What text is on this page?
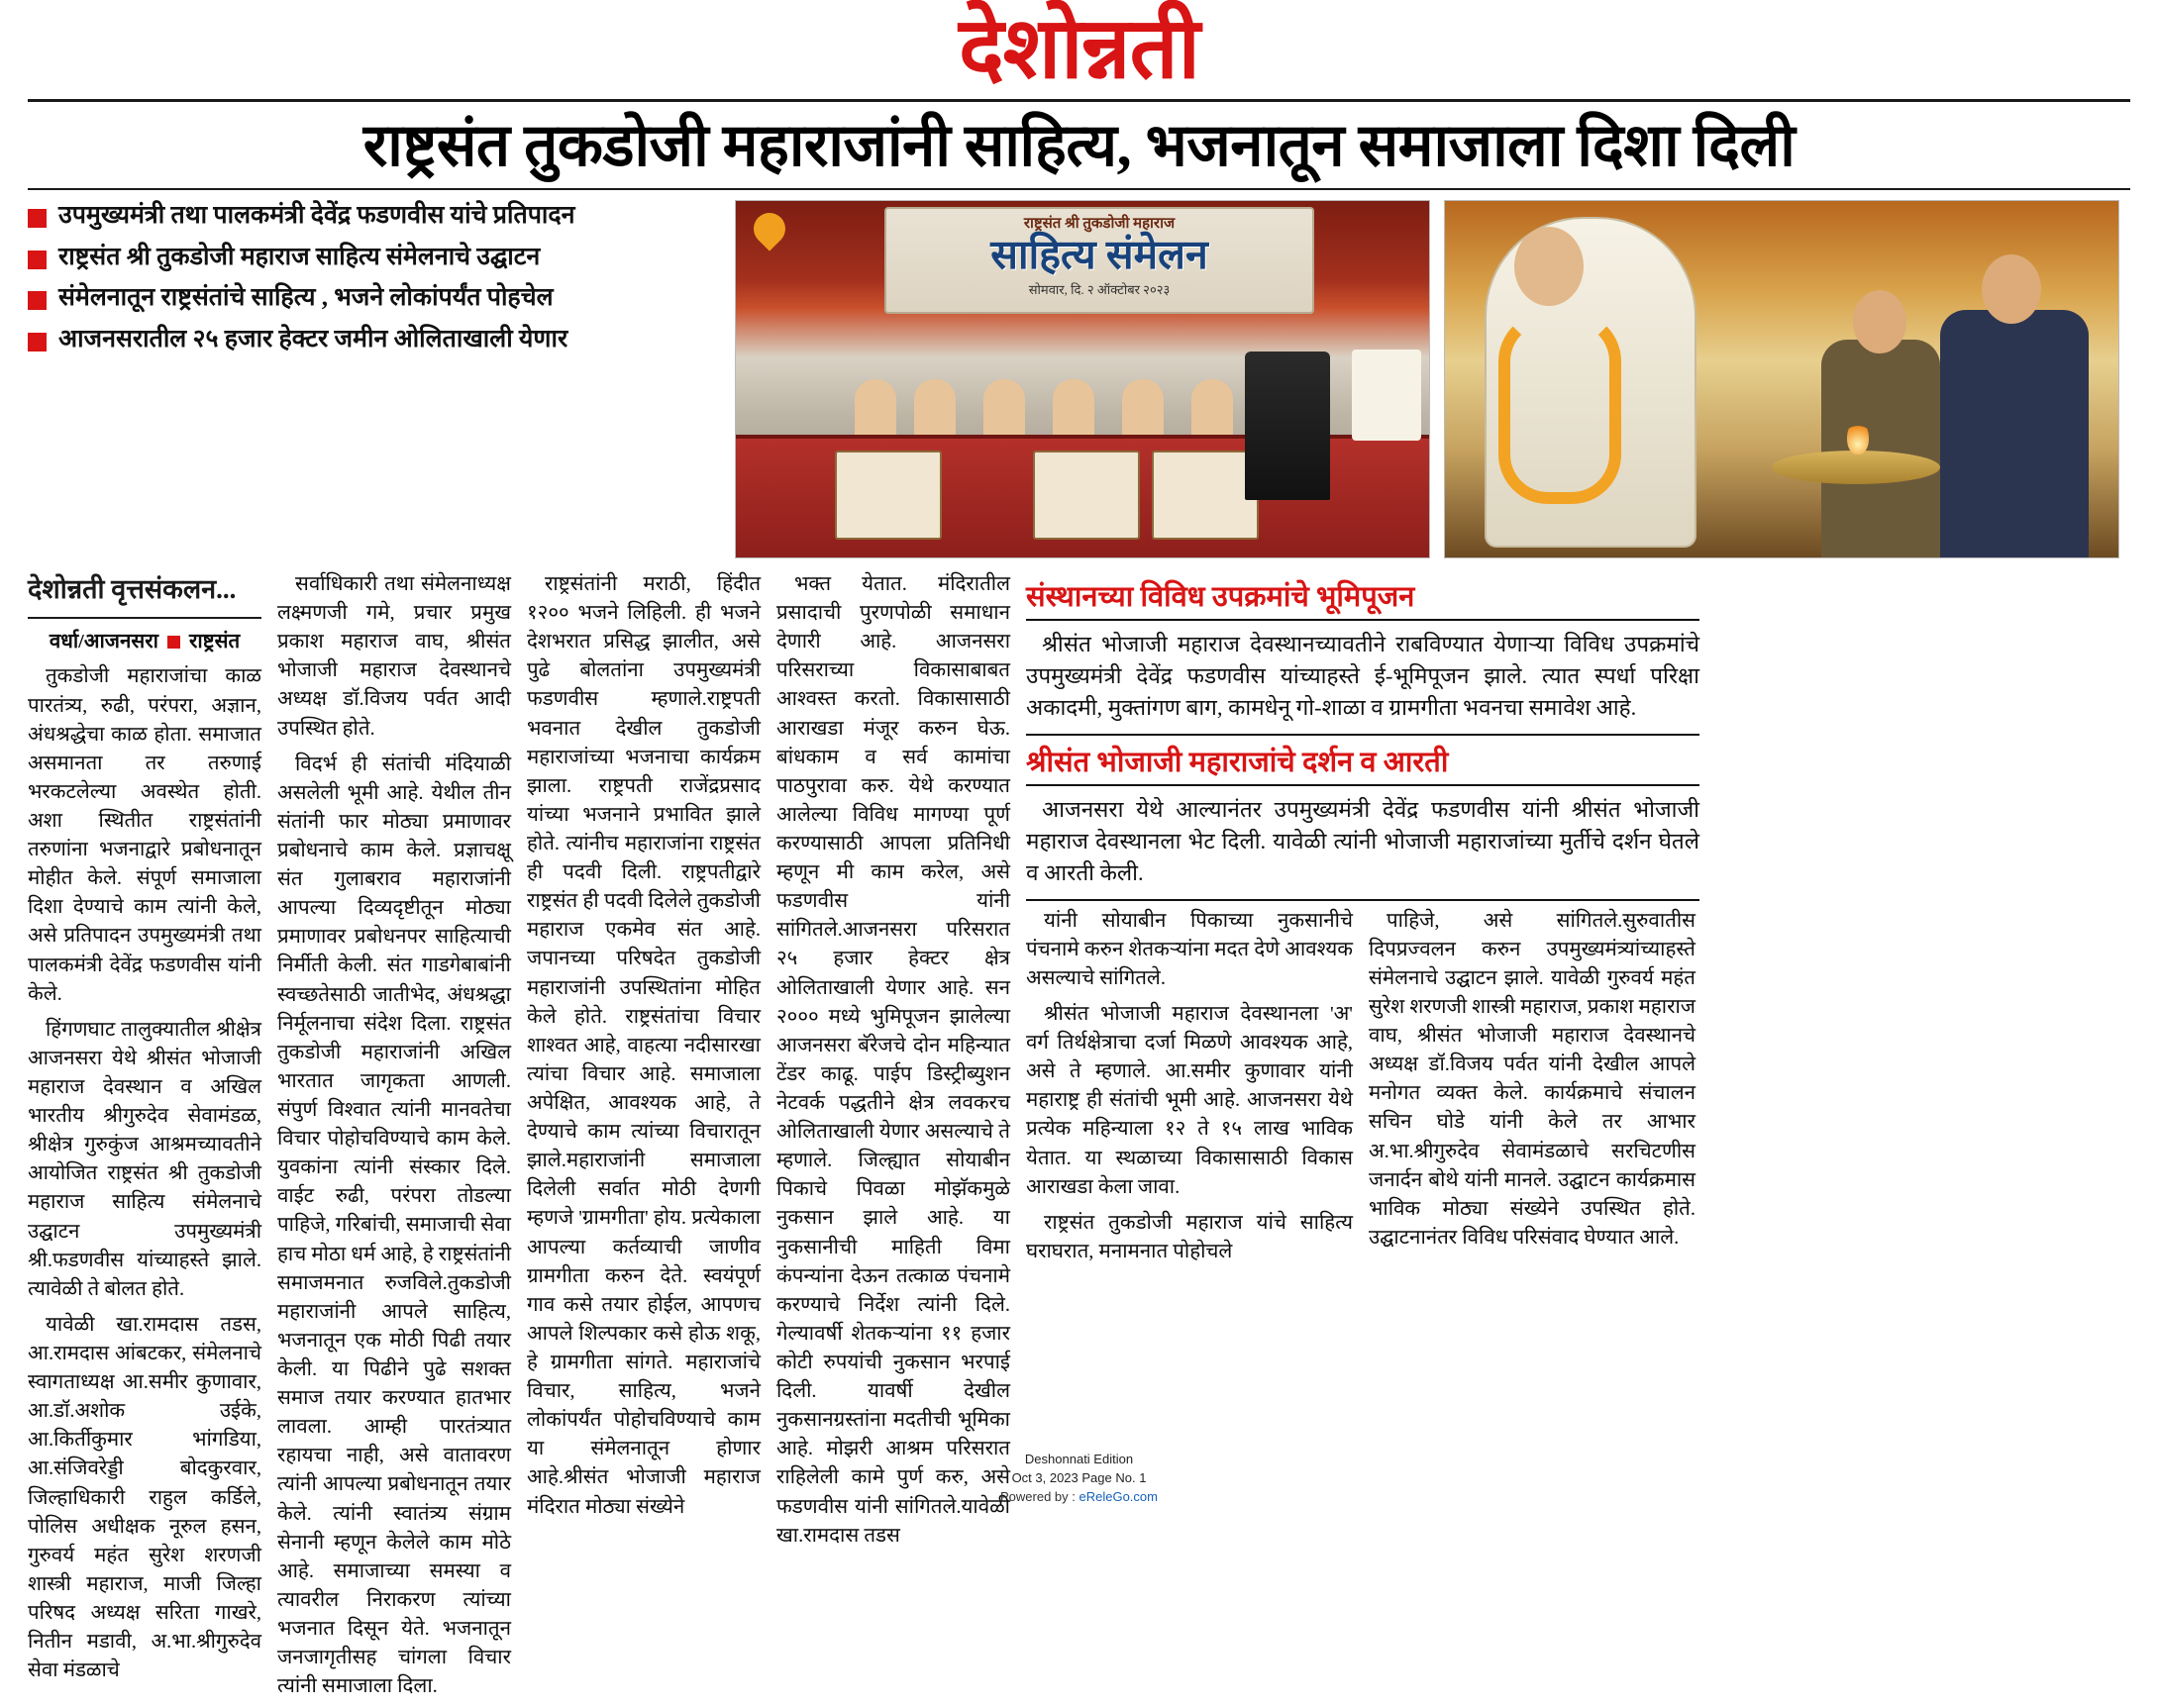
देशोन्नती
राष्ट्रसंत तुकडोजी महाराजांनी साहित्य, भजनातून समाजाला दिशा दिली
उपमुख्यमंत्री तथा पालकमंत्री देवेंद्र फडणवीस यांचे प्रतिपादन
राष्ट्रसंत श्री तुकडोजी महाराज साहित्य संमेलनाचे उद्घाटन
संमेलनातून राष्ट्रसंतांचे साहित्य , भजने लोकांपर्यंत पोहचेल
आजनसरातील २५ हजार हेक्टर जमीन ओलिताखाली येणार
राष्ट्रसंत श्री तुकडोजी महाराज
साहित्य संमेलन
सोमवार, दि. २ ऑक्टोबर २०२३
देशोन्नती वृत्तसंकलन...
वर्धा/आजनसरा राष्ट्रसंत

तुकडोजी महाराजांचा काळ पारतंत्र्य, रुढी, परंपरा, अज्ञान, अंधश्रद्धेचा काळ होता. समाजात असमानता तर तरुणाई भरकटलेल्या अवस्थेत होती. अशा स्थितीत राष्ट्रसंतांनी तरुणांना भजनाद्वारे प्रबोधनातून मोहीत केले. संपूर्ण समाजाला दिशा देण्याचे काम त्यांनी केले, असे प्रतिपादन उपमुख्यमंत्री तथा पालकमंत्री देवेंद्र फडणवीस यांनी केले.

हिंगणघाट तालुक्यातील श्रीक्षेत्र आजनसरा येथे श्रीसंत भोजाजी महाराज देवस्थान व अखिल भारतीय श्रीगुरुदेव सेवामंडळ, श्रीक्षेत्र गुरुकुंज आश्रमच्यावतीने आयोजित राष्ट्रसंत श्री तुकडोजी महाराज साहित्य संमेलनाचे उद्घाटन उपमुख्यमंत्री श्री.फडणवीस यांच्याहस्ते झाले. त्यावेळी ते बोलत होते.

यावेळी खा.रामदास तडस, आ.रामदास आंबटकर, संमेलनाचे स्वागताध्यक्ष आ.समीर कुणावार, आ.डॉ.अशोक उईके, आ.किर्तीकुमार भांगडिया, आ.संजिवरेड्डी बोदकुरवार, जिल्हाधिकारी राहुल कर्डिले, पोलिस अधीक्षक नूरुल हसन, गुरुवर्य महंत सुरेश शरणजी शास्त्री महाराज, माजी जिल्हा परिषद अध्यक्ष सरिता गाखरे, नितीन मडावी, अ.भा.श्रीगुरुदेव सेवा मंडळाचे

सर्वाधिकारी तथा संमेलनाध्यक्ष लक्ष्मणजी गमे, प्रचार प्रमुख प्रकाश महाराज वाघ, श्रीसंत भोजाजी महाराज देवस्थानचे अध्यक्ष डॉ.विजय पर्वत आदी उपस्थित होते.

विदर्भ ही संतांची मंदियाळी असलेली भूमी आहे. येथील तीन संतांनी फार मोठ्या प्रमाणावर प्रबोधनाचे काम केले. प्रज्ञाचक्षू संत गुलाबराव महाराजांनी आपल्या दिव्यदृष्टीतून मोठ्या प्रमाणावर प्रबोधनपर साहित्याची निर्मीती केली. संत गाडगेबाबांनी स्वच्छतेसाठी जातीभेद, अंधश्रद्धा निर्मूलनाचा संदेश दिला. राष्ट्रसंत तुकडोजी महाराजांनी अखिल भारतात जागृकता आणली. संपुर्ण विश्वात त्यांनी मानवतेचा विचार पोहोचविण्याचे काम केले. युवकांना त्यांनी संस्कार दिले. वाईट रुढी, परंपरा तोडल्या पाहिजे, गरिबांची, समाजाची सेवा हाच मोठा धर्म आहे, हे राष्ट्रसंतांनी समाजमनात रुजविले.तुकडोजी महाराजांनी आपले साहित्य, भजनातून एक मोठी पिढी तयार केली. या पिढीने पुढे सशक्त समाज तयार करण्यात हातभार लावला. आम्ही पारतंत्र्यात रहायचा नाही, असे वातावरण त्यांनी आपल्या प्रबोधनातून तयार केले. त्यांनी स्वातंत्र्य संग्राम सेनानी म्हणून केलेले काम मोठे आहे. समाजाच्या समस्या व त्यावरील निराकरण त्यांच्या भजनात दिसून येते. भजनातून जनजागृतीसह चांगला विचार त्यांनी समाजाला दिला.

राष्ट्रसंतांनी मराठी, हिंदीत १२०० भजने लिहिली. ही भजने देशभरात प्रसिद्ध झालीत, असे पुढे बोलतांना उपमुख्यमंत्री फडणवीस म्हणाले.राष्ट्रपती भवनात देखील तुकडोजी महाराजांच्या भजनाचा कार्यक्रम झाला. राष्ट्रपती राजेंद्रप्रसाद यांच्या भजनाने प्रभावित झाले होते. त्यांनीच महाराजांना राष्ट्रसंत ही पदवी दिली. राष्ट्रपतीद्वारे राष्ट्रसंत ही पदवी दिलेले तुकडोजी महाराज एकमेव संत आहे. जपानच्या परिषदेत तुकडोजी महाराजांनी उपस्थितांना मोहित केले होते. राष्ट्रसंतांचा विचार शाश्वत आहे, वाहत्या नदीसारखा त्यांचा विचार आहे. समाजाला अपेक्षित, आवश्यक आहे, ते देण्याचे काम त्यांच्या विचारातून झाले.महाराजांनी समाजाला दिलेली सर्वात मोठी देणगी म्हणजे 'ग्रामगीता' होय. प्रत्येकाला आपल्या कर्तव्याची जाणीव ग्रामगीता करुन देते. स्वयंपूर्ण गाव कसे तयार होईल, आपणच आपले शिल्पकार कसे होऊ शकू, हे ग्रामगीता सांगते. महाराजांचे विचार, साहित्य, भजने लोकांपर्यंत पोहोचविण्याचे काम या संमेलनातून होणार आहे.श्रीसंत भोजाजी महाराज मंदिरात मोठ्या संख्येने

भक्त येतात. मंदिरातील प्रसादाची पुरणपोळी समाधान देणारी आहे. आजनसरा परिसराच्या विकासाबाबत आश्वस्त करतो. विकासासाठी आराखडा मंजूर करुन घेऊ. बांधकाम व सर्व कामांचा पाठपुरावा करु. येथे करण्यात आलेल्या विविध मागण्या पूर्ण करण्यासाठी आपला प्रतिनिधी म्हणून मी काम करेल, असे फडणवीस यांनी सांगितले.आजनसरा परिसरात २५ हजार हेक्टर क्षेत्र ओलिताखाली येणार आहे. सन २००० मध्ये भुमिपूजन झालेल्या आजनसरा बॅरेजचे दोन महिन्यात टेंडर काढू. पाईप डिस्ट्रीब्युशन नेटवर्क पद्धतीने क्षेत्र लवकरच ओलिताखाली येणार असल्याचे ते म्हणाले. जिल्ह्यात सोयाबीन पिकाचे पिवळा मोझॅकमुळे नुकसान झाले आहे. या नुकसानीची माहिती विमा कंपन्यांना देऊन तत्काळ पंचनामे करण्याचे निर्देश त्यांनी दिले. गेल्यावर्षी शेतकऱ्यांना ११ हजार कोटी रुपयांची नुकसान भरपाई दिली. यावर्षी देखील नुकसानग्रस्तांना मदतीची भूमिका आहे. मोझरी आश्रम परिसरात राहिलेली कामे पुर्ण करु, असे फडणवीस यांनी सांगितले.यावेळी खा.रामदास तडस

संस्थानच्या विविध उपक्रमांचे भूमिपूजन

श्रीसंत भोजाजी महाराज देवस्थानच्यावतीने राबविण्यात येणाऱ्या विविध उपक्रमांचे उपमुख्यमंत्री देवेंद्र फडणवीस यांच्याहस्ते ई-भूमिपूजन झाले. त्यात स्पर्धा परिक्षा अकादमी, मुक्तांगण बाग, कामधेनू गो-शाळा व ग्रामगीता भवनचा समावेश आहे.

श्रीसंत भोजाजी महाराजांचे दर्शन व आरती

आजनसरा येथे आल्यानंतर उपमुख्यमंत्री देवेंद्र फडणवीस यांनी श्रीसंत भोजाजी महाराज देवस्थानला भेट दिली. यावेळी त्यांनी भोजाजी महाराजांच्या मुर्तीचे दर्शन घेतले व आरती केली.

यांनी सोयाबीन पिकाच्या नुकसानीचे पंचनामे करुन शेतकऱ्यांना मदत देणे आवश्यक असल्याचे सांगितले.

श्रीसंत भोजाजी महाराज देवस्थानला 'अ' वर्ग तिर्थक्षेत्राचा दर्जा मिळणे आवश्यक आहे, असे ते म्हणाले. आ.समीर कुणावार यांनी महाराष्ट्र ही संतांची भूमी आहे. आजनसरा येथे प्रत्येक महिन्याला १२ ते १५ लाख भाविक येतात. या स्थळाच्या विकासासाठी विकास आराखडा केला जावा.

राष्ट्रसंत तुकडोजी महाराज यांचे साहित्य घराघरात, मनामनात पोहोचले

पाहिजे, असे सांगितले.सुरुवातीस दिपप्रज्वलन करुन उपमुख्यमंत्र्यांच्याहस्ते संमेलनाचे उद्घाटन झाले. यावेळी गुरुवर्य महंत सुरेश शरणजी शास्त्री महाराज, प्रकाश महाराज वाघ, श्रीसंत भोजाजी महाराज देवस्थानचे अध्यक्ष डॉ.विजय पर्वत यांनी देखील आपले मनोगत व्यक्त केले. कार्यक्रमाचे संचालन सचिन घोडे यांनी केले तर आभार अ.भा.श्रीगुरुदेव सेवामंडळाचे सरचिटणीस जनार्दन बोथे यांनी मानले. उद्घाटन कार्यक्रमास भाविक मोठ्या संख्येने उपस्थित होते. उद्घाटनानंतर विविध परिसंवाद घेण्यात आले.

Deshonnati Edition
Oct 3, 2023 Page No. 1
Powered by : eReleGo.com
